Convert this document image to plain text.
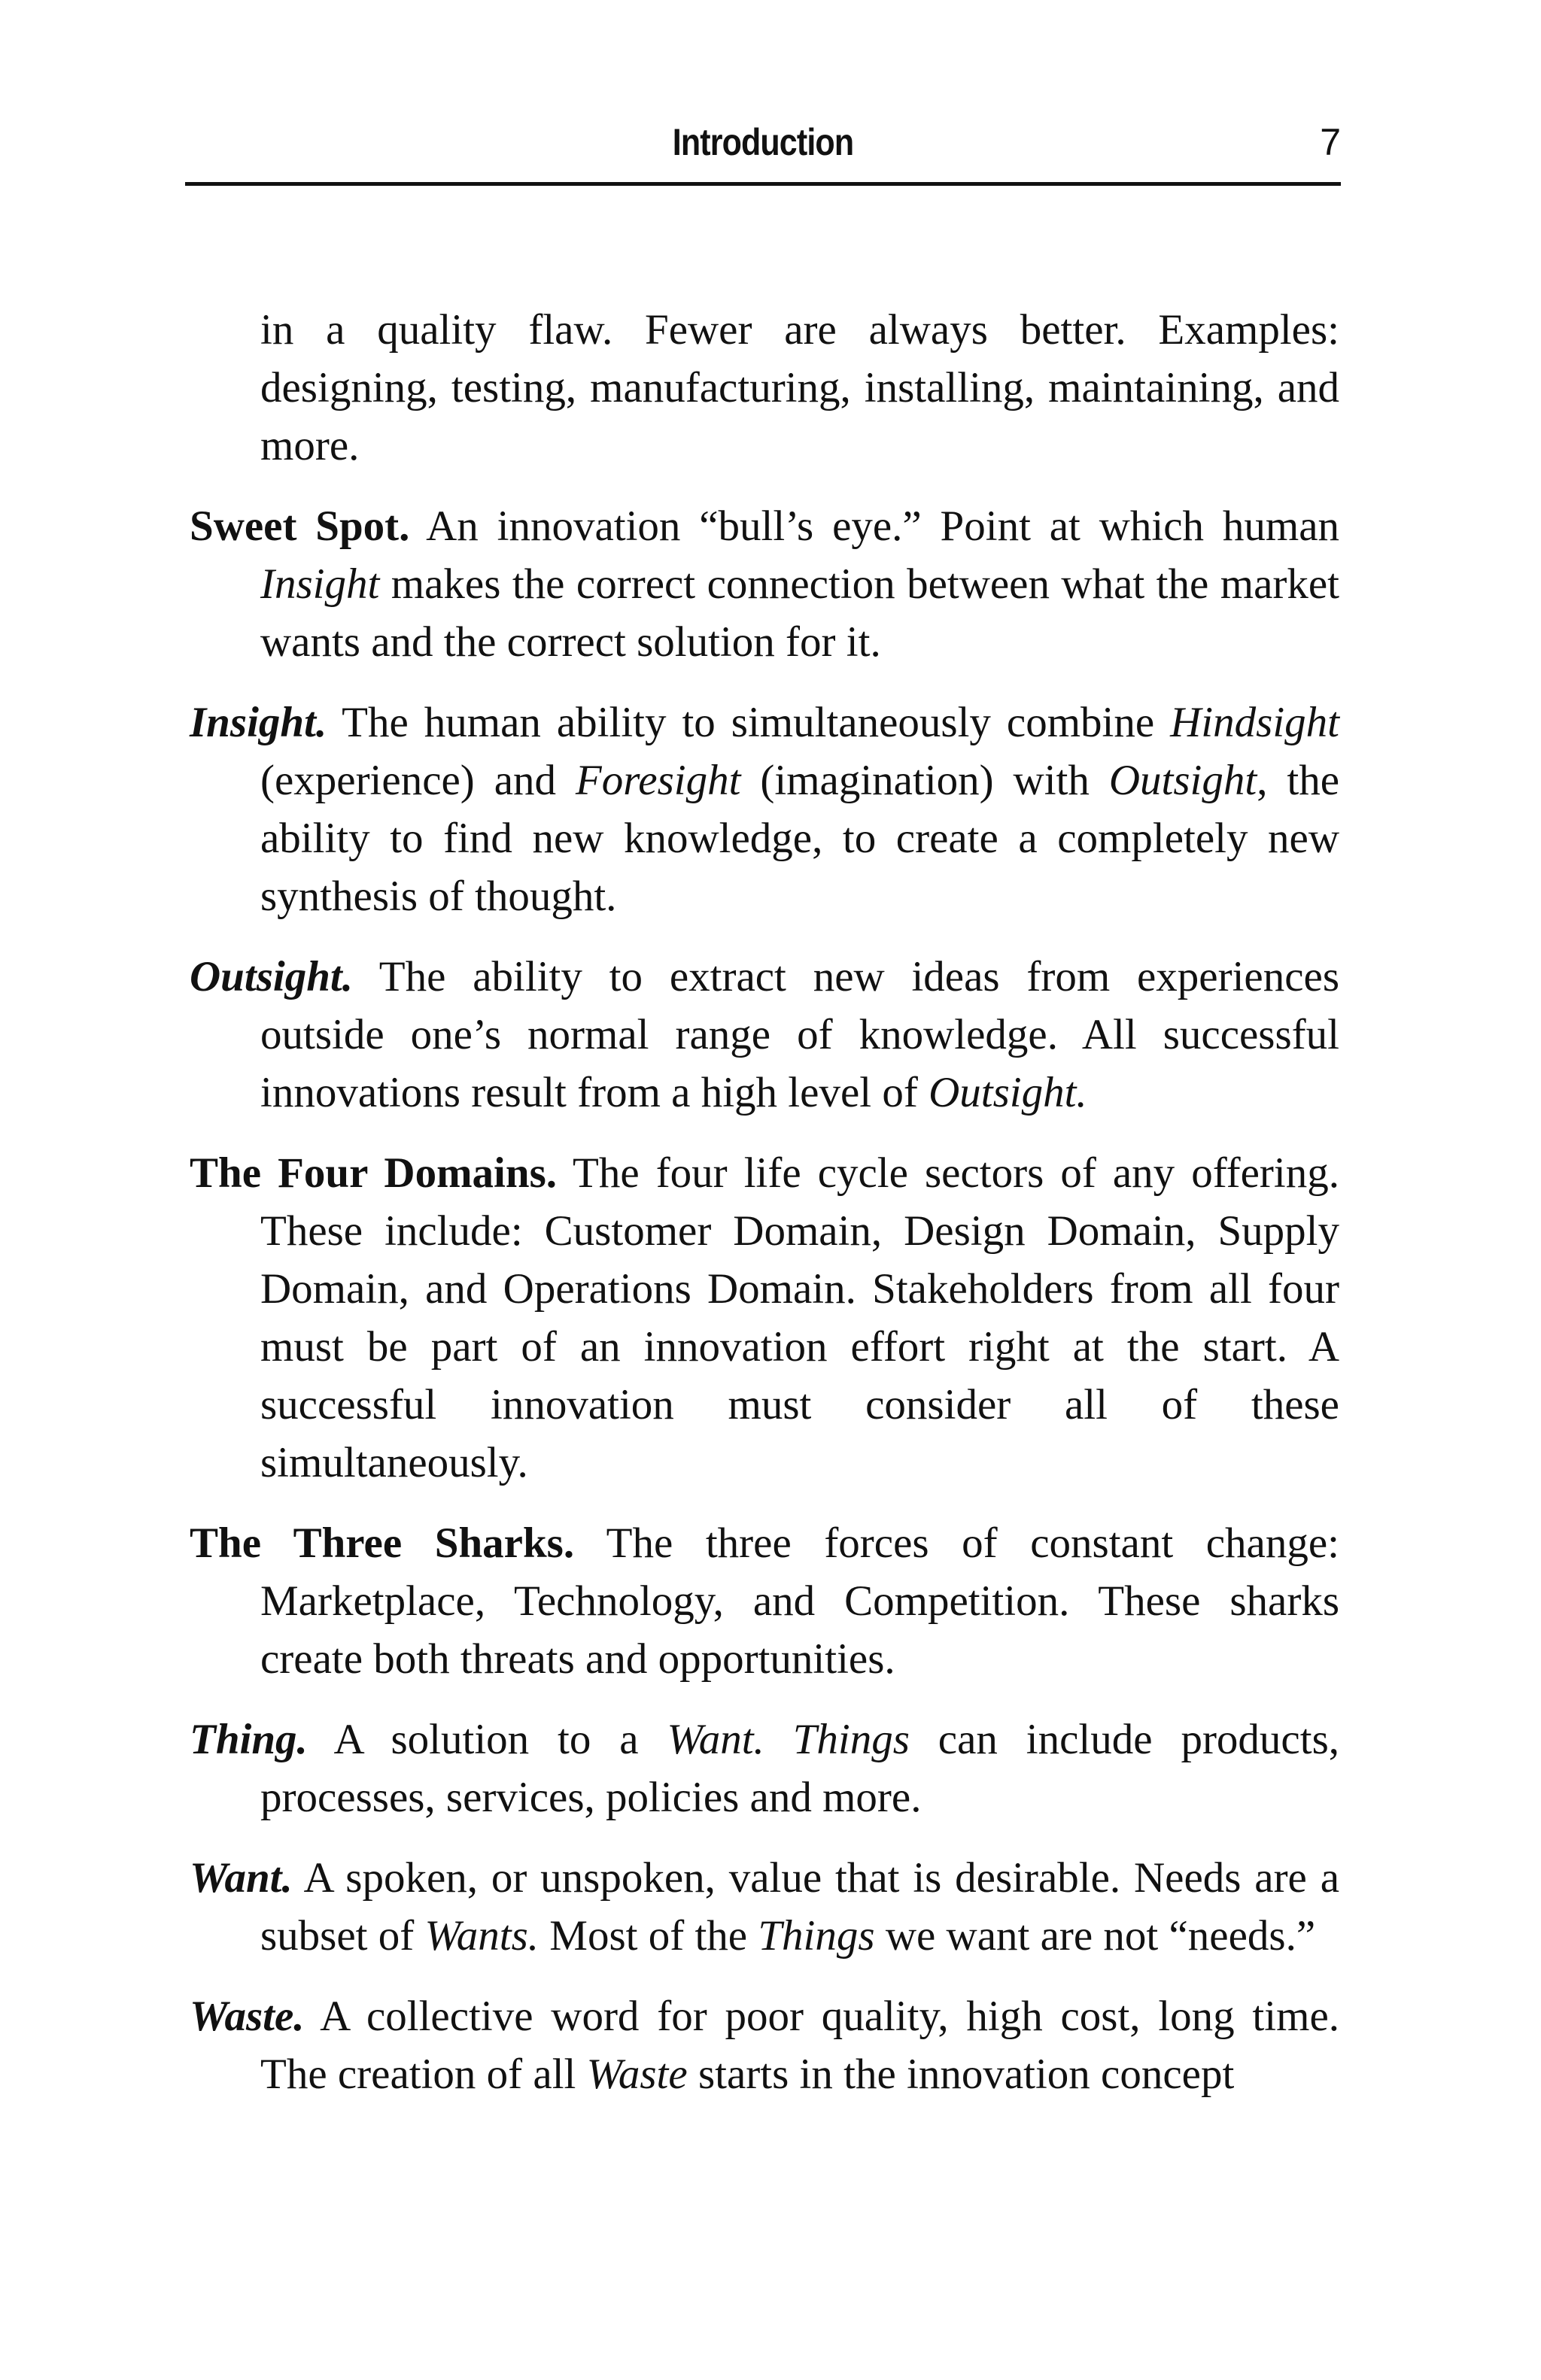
Introduction	7

in a quality flaw. Fewer are always better. Examples: designing, testing, manufacturing, installing, maintaining, and more.

Sweet Spot. An innovation “bull’s eye.” Point at which human Insight makes the correct connection between what the market wants and the correct solution for it.

Insight. The human ability to simultaneously combine Hindsight (experience) and Foresight (imagination) with Outsight, the ability to find new knowledge, to create a completely new synthesis of thought.

Outsight. The ability to extract new ideas from experiences outside one’s normal range of knowledge. All successful innovations result from a high level of Outsight.

The Four Domains. The four life cycle sectors of any offering. These include: Customer Domain, Design Domain, Supply Domain, and Operations Domain. Stakeholders from all four must be part of an innovation effort right at the start. A successful innovation must consider all of these simultaneously.

The Three Sharks. The three forces of constant change: Marketplace, Technology, and Competition. These sharks create both threats and opportunities.

Thing. A solution to a Want. Things can include products, processes, services, policies and more.

Want. A spoken, or unspoken, value that is desirable. Needs are a subset of Wants. Most of the Things we want are not “needs.”

Waste. A collective word for poor quality, high cost, long time. The creation of all Waste starts in the innovation concept
